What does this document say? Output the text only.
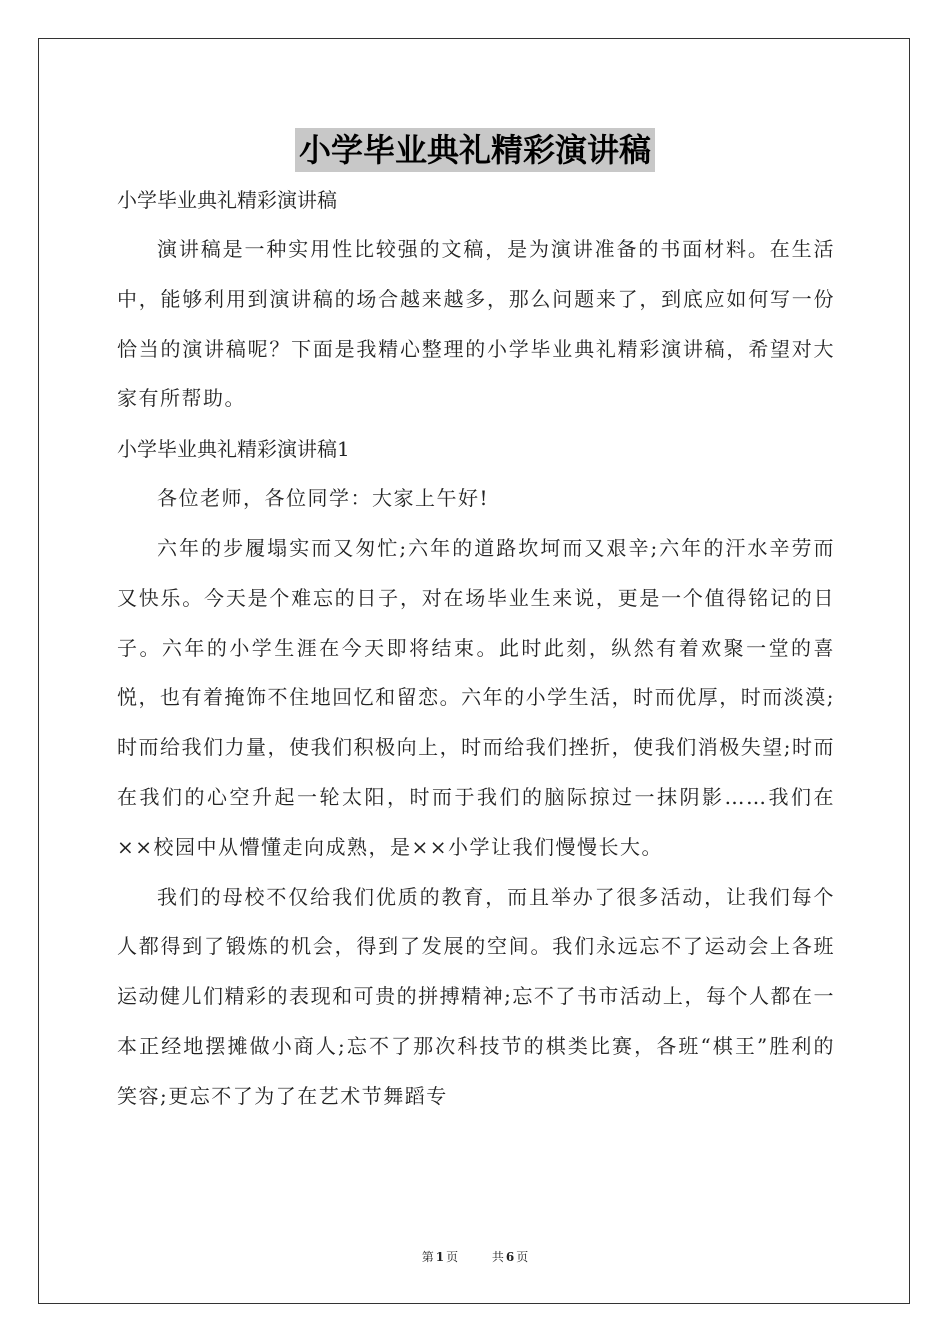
小学毕业典礼精彩演讲稿

小学毕业典礼精彩演讲稿

演讲稿是一种实用性比较强的文稿，是为演讲准备的书面材料。在生活中，能够利用到演讲稿的场合越来越多，那么问题来了，到底应如何写一份恰当的演讲稿呢？下面是我精心整理的小学毕业典礼精彩演讲稿，希望对大家有所帮助。

小学毕业典礼精彩演讲稿1

各位老师，各位同学：大家上午好!

六年的步履塌实而又匆忙;六年的道路坎坷而又艰辛;六年的汗水辛劳而又快乐。今天是个难忘的日子，对在场毕业生来说，更是一个值得铭记的日子。六年的小学生涯在今天即将结束。此时此刻，纵然有着欢聚一堂的喜悦，也有着掩饰不住地回忆和留恋。六年的小学生活，时而优厚，时而淡漠;时而给我们力量，使我们积极向上，时而给我们挫折，使我们消极失望;时而在我们的心空升起一轮太阳，时而于我们的脑际掠过一抹阴影……我们在××校园中从懵懂走向成熟，是××小学让我们慢慢长大。

我们的母校不仅给我们优质的教育，而且举办了很多活动，让我们每个人都得到了锻炼的机会，得到了发展的空间。我们永远忘不了运动会上各班运动健儿们精彩的表现和可贵的拼搏精神;忘不了书市活动上，每个人都在一本正经地摆摊做小商人;忘不了那次科技节的棋类比赛，各班“棋王”胜利的笑容;更忘不了为了在艺术节舞蹈专

第 1 页	共 6 页
